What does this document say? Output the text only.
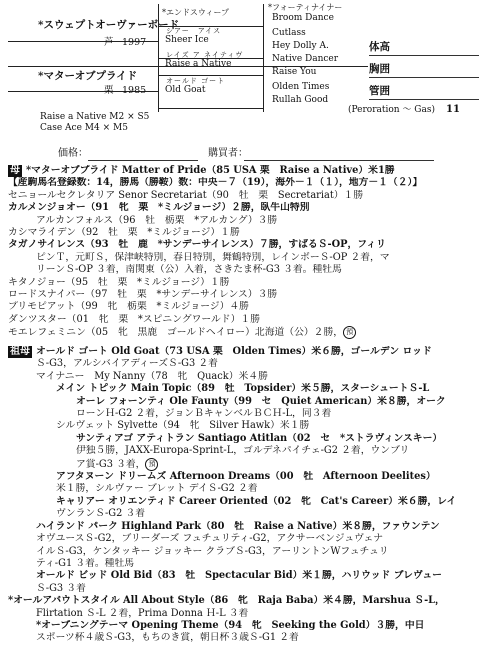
*スウェプトオーヴァーボード
芦 1997
*マターオブプライド
栗 1985
*エンドスウィープ
シアー　アイス
Sheer Ice
レイズ ア ネイティヴ
Raise a Native
オールド ゴート
Old Goat
*フォーティナイナー
Broom Dance
Cutlass
Hey Dolly A.
Native Dancer
Raise You
Olden Times
Rullah Good
体高
胸囲
管囲
(Peroration ～ Gas) 11
Raise a Native M2 × S5
Case Ace M4 × M5
価格：	購買者：
母 *マターオブプライド Matter of Pride（85 USA 栗　Raise a Native）米1勝
【産駒馬名登録数：14，勝馬（勝鞍）数：中央－７（19），海外－１（１），地方－１（２）】
セニョールセクレタリア Senor Secretariat（90　牡　栗　Secretariat）１勝
カルメンジョオー（91　牝　栗　*ミルジョージ）２勝，臥牛山特別
アルカンフォルス（96　牡　栃栗　*アルカング）３勝
カシマライデン（92　牡　栗　*ミルジョージ）１勝
タガノサイレンス（93　牡　鹿　*サンデーサイレンス）７勝，すばるＳ-OP，フィリ
ピンＴ，元町Ｓ，保津峡特別，春日特別，舞鶴特別，レインボーＳ-OP ２着，マ
リーンＳ-OP ３着，南関東（公）入着，さきたま杯-G3 ３着。種牡馬
キタノジョー（95　牡　栗　*ミルジョージ）１勝
ロードスナイパー（97　牡　栗　*サンデーサイレンス）３勝
プリモピアット（99　牝　栃栗　*ミルジョージ）４勝
ダンツスター（01　牝　栗　*スピニングワールド）１勝
モエレフェミニン（05　牝　黒鹿　ゴールドヘイロー）北海道（公）２勝， 預
祖母 オールド ゴート Old Goat（73 USA 栗　Olden Times）米６勝，ゴールデン ロッド
Ｓ-G3，アルシバイアディーズＳ-G3 ２着
マイナニー　My Nanny（78　牝　Quack）米４勝
メイン トピック Main Topic（89　牡　Topsider）米５勝，スターシュートＳ-L
オーレ フォーンティ Ole Faunty（99　セ　Quiet American）米８勝，オーク
ローンＨ-G2 ２着，ジョンＢキャンベルＢＣＨ-L，同３着
シルヴェット Sylvette（94　牝　Silver Hawk）米１勝
サンティアゴ アティトラン Santiago Atitlan（02　セ　*ストラヴィンスキー）
伊独５勝，JAXX-Europa-Sprint-L，ゴルデネパイチェ-G2 ２着，ウンブリ
ア賞-G3 ３着， 預
アフタヌーン ドリームズ Afternoon Dreams（00　牡　Afternoon Deelites）
米１勝，シルヴァー ブレット デイＳ-G2 ２着
キャリアー オリエンティド Career Oriented（02　牝　Cat's Career）米６勝，レイ
ヴンランＳ-G2 ３着
ハイランド パーク Highland Park（80　牡　Raise a Native）米８勝，ファウンテン
オヴユースＳ-G2，ブリーダーズ フュチュリティ-G2，アクサーベンジュヴェナ
イルＳ-G3，ケンタッキー ジョッキー クラブＳ-G3，アーリントンWフュチュリ
ティ-G1 ３着。種牡馬
オールド ビッド Old Bid（83　牡　Spectacular Bid）米１勝，ハリウッド ブレヴュー
Ｓ-G3 ３着
*オールアバウトスタイル All About Style（86　牝　Raja Baba）米４勝，Marshua Ｓ-L，
Flirtation Ｓ-L ２着，Prima Donna Ｈ-L ３着
*オープニングテーマ Opening Theme（94　牝　Seeking the Gold）３勝，中日
スポーツ杯４歳Ｓ-G3，もちのき賞，朝日杯３歳Ｓ-G1 ２着
